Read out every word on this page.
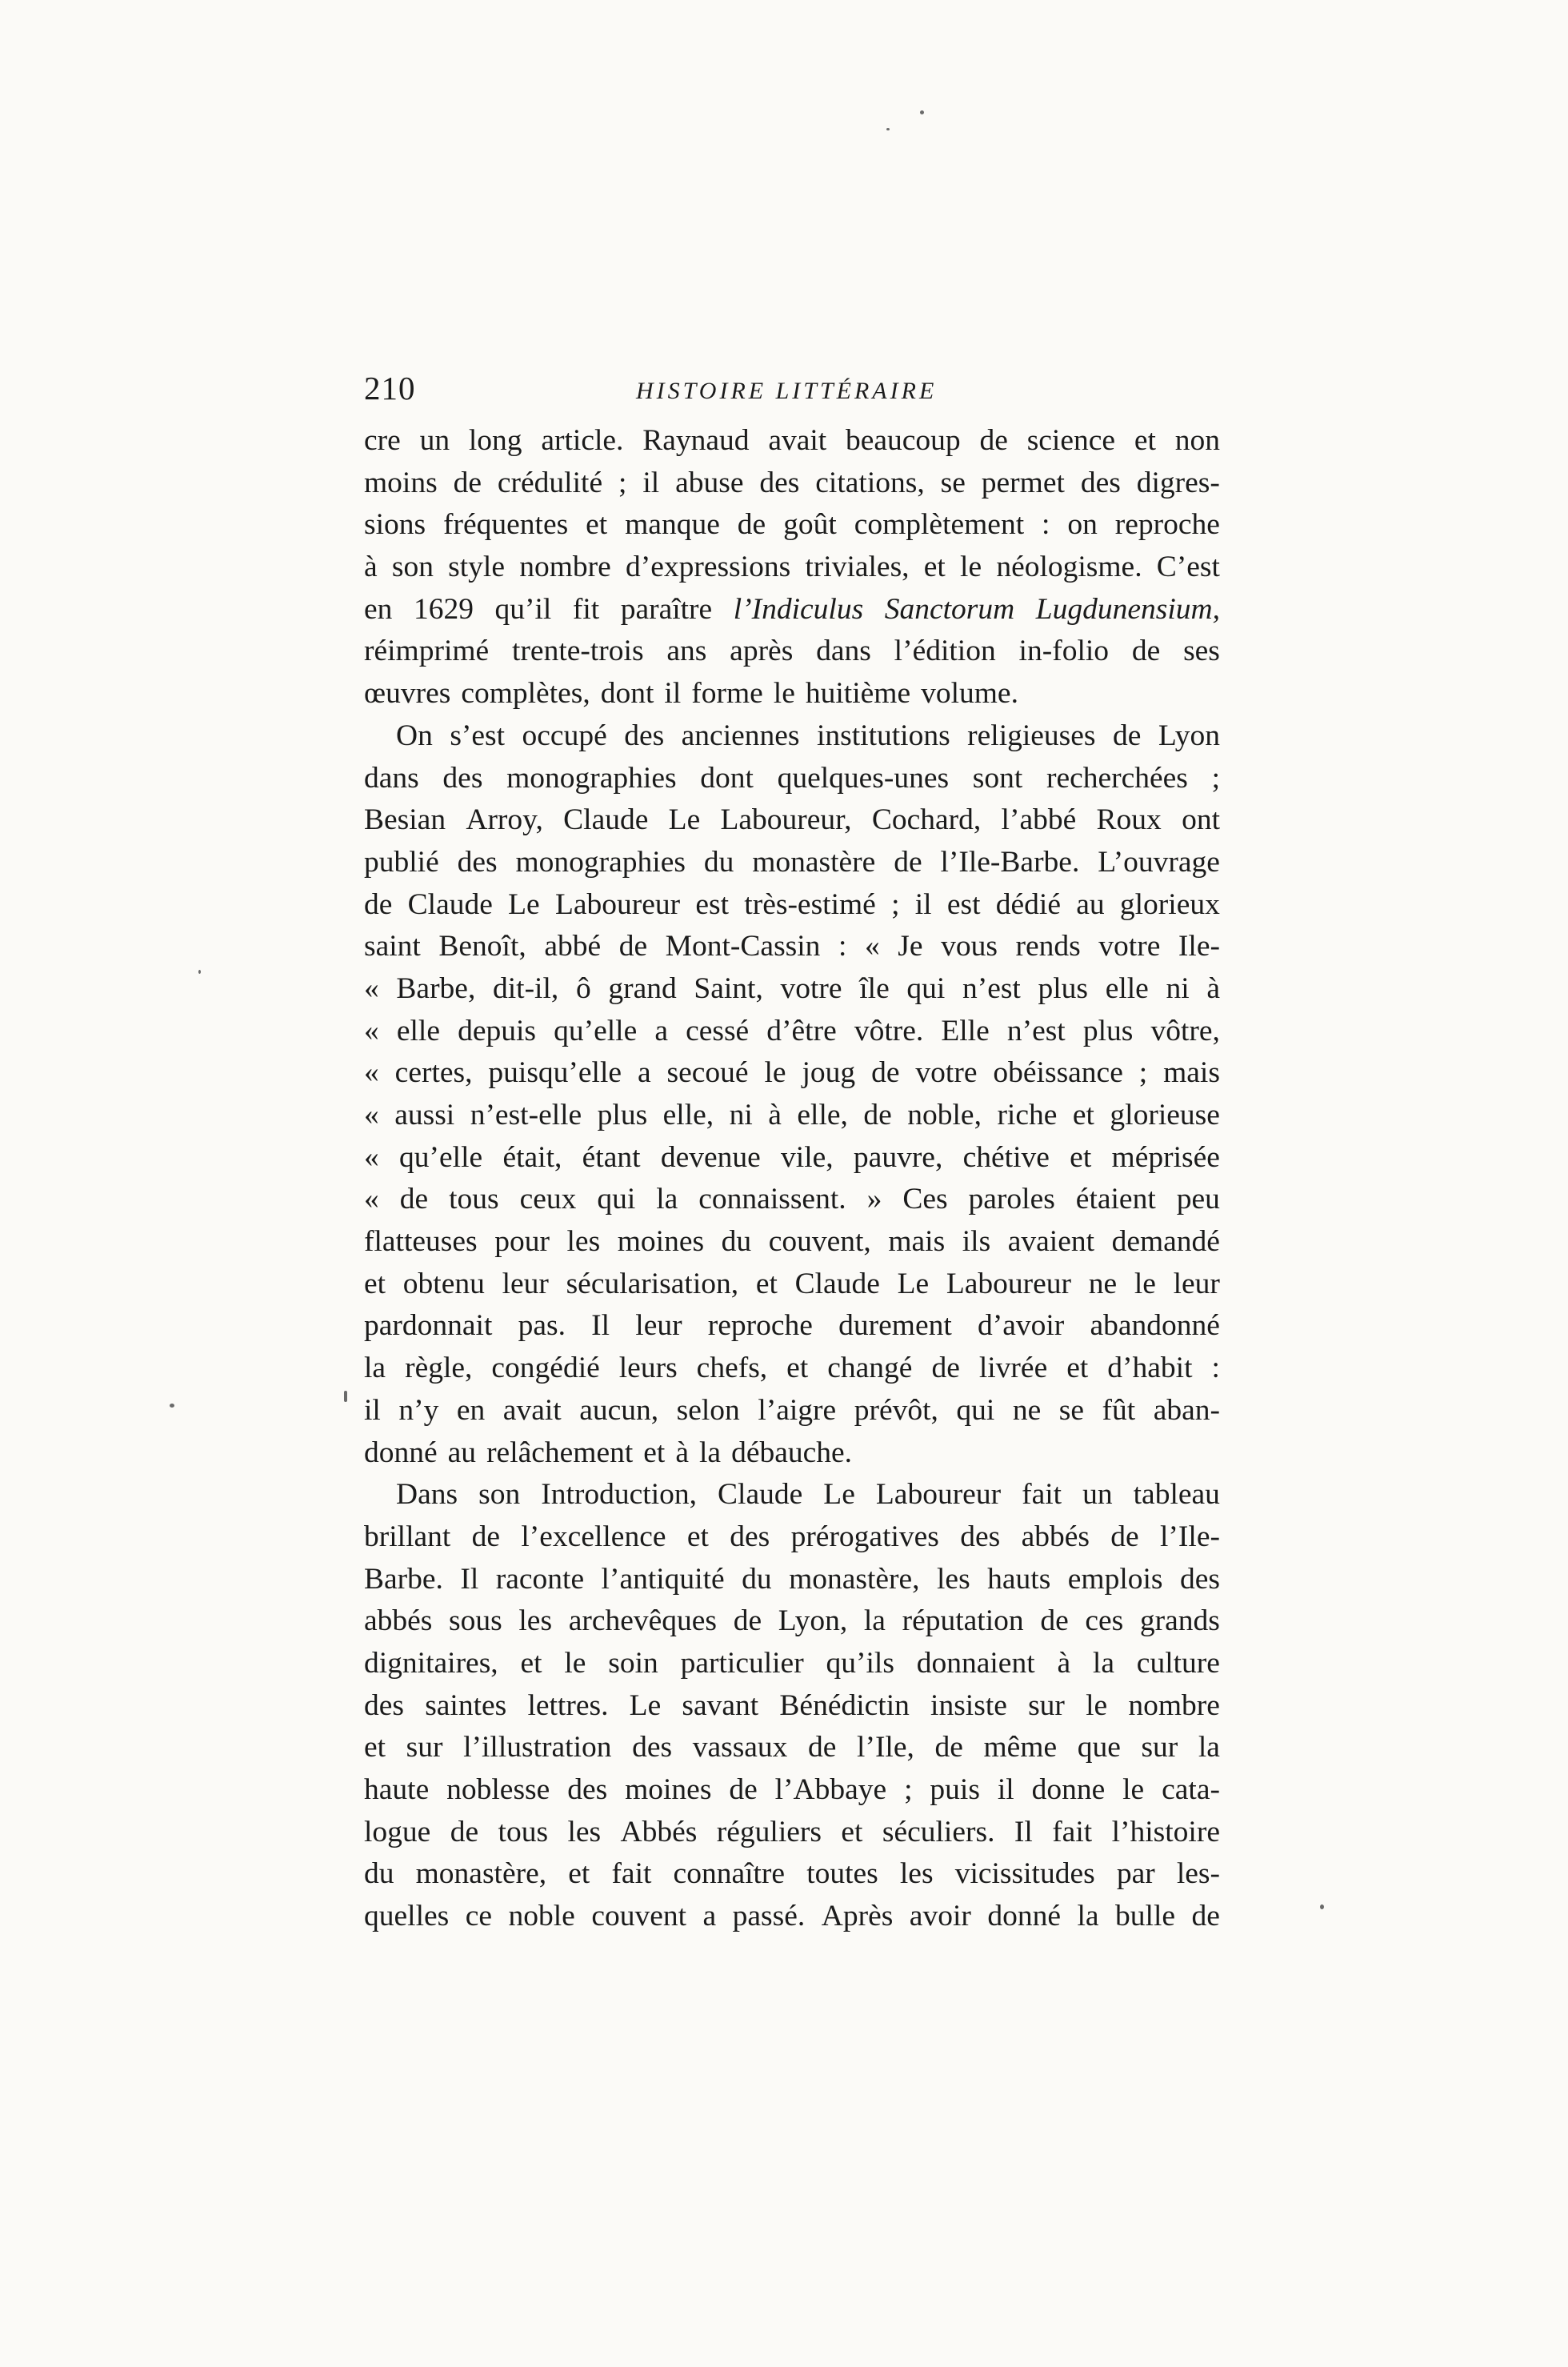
210	HISTOIRE LITTÉRAIRE
cre un long article. Raynaud avait beaucoup de science et non
moins de crédulité ; il abuse des citations, se permet des digres-
sions fréquentes et manque de goût complètement : on reproche
à son style nombre d’expressions triviales, et le néologisme. C’est
en 1629 qu’il fit paraître l’Indiculus Sanctorum Lugdunensium,
réimprimé trente-trois ans après dans l’édition in-folio de ses
œuvres complètes, dont il forme le huitième volume.
On s’est occupé des anciennes institutions religieuses de Lyon
dans des monographies dont quelques-unes sont recherchées ;
Besian Arroy, Claude Le Laboureur, Cochard, l’abbé Roux ont
publié des monographies du monastère de l’Ile-Barbe. L’ouvrage
de Claude Le Laboureur est très-estimé ; il est dédié au glorieux
saint Benoît, abbé de Mont-Cassin : « Je vous rends votre Ile-
« Barbe, dit-il, ô grand Saint, votre île qui n’est plus elle ni à
« elle depuis qu’elle a cessé d’être vôtre. Elle n’est plus vôtre,
« certes, puisqu’elle a secoué le joug de votre obéissance ; mais
« aussi n’est-elle plus elle, ni à elle, de noble, riche et glorieuse
« qu’elle était, étant devenue vile, pauvre, chétive et méprisée
« de tous ceux qui la connaissent. » Ces paroles étaient peu
flatteuses pour les moines du couvent, mais ils avaient demandé
et obtenu leur sécularisation, et Claude Le Laboureur ne le leur
pardonnait pas. Il leur reproche durement d’avoir abandonné
la règle, congédié leurs chefs, et changé de livrée et d’habit :
il n’y en avait aucun, selon l’aigre prévôt, qui ne se fût aban-
donné au relâchement et à la débauche.
Dans son Introduction, Claude Le Laboureur fait un tableau
brillant de l’excellence et des prérogatives des abbés de l’Ile-
Barbe. Il raconte l’antiquité du monastère, les hauts emplois des
abbés sous les archevêques de Lyon, la réputation de ces grands
dignitaires, et le soin particulier qu’ils donnaient à la culture
des saintes lettres. Le savant Bénédictin insiste sur le nombre
et sur l’illustration des vassaux de l’Ile, de même que sur la
haute noblesse des moines de l’Abbaye ; puis il donne le cata-
logue de tous les Abbés réguliers et séculiers. Il fait l’histoire
du monastère, et fait connaître toutes les vicissitudes par les-
quelles ce noble couvent a passé. Après avoir donné la bulle de
